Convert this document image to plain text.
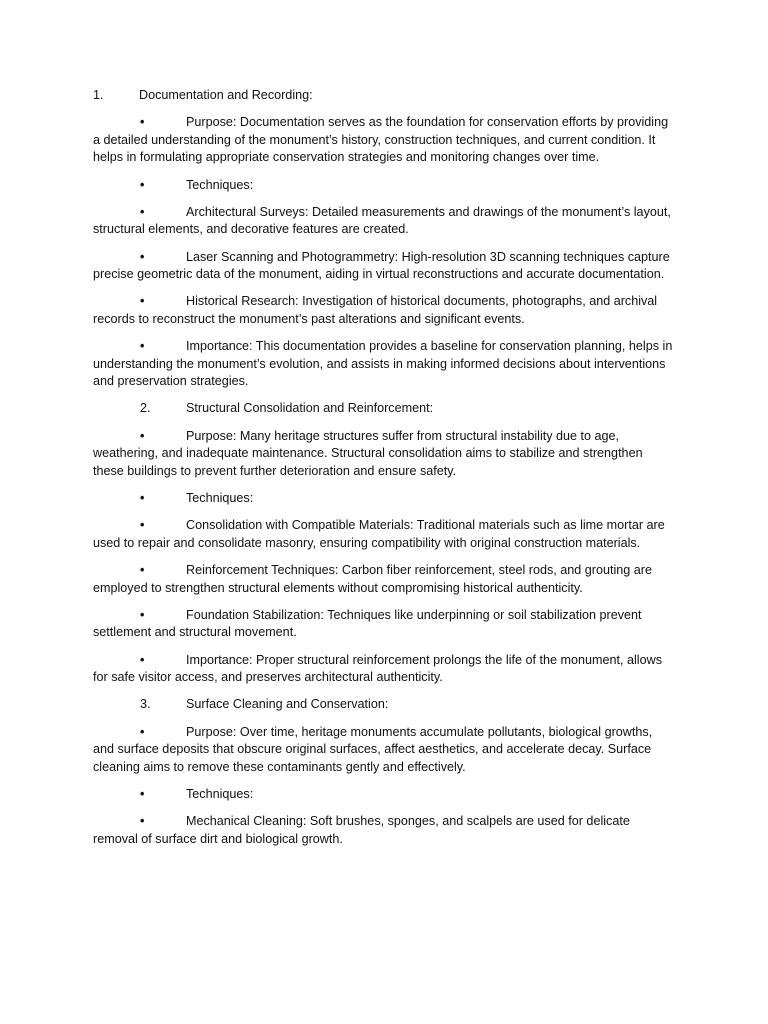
1.	Documentation and Recording:

•	Purpose: Documentation serves as the foundation for conservation efforts by providing a detailed understanding of the monument’s history, construction techniques, and current condition. It helps in formulating appropriate conservation strategies and monitoring changes over time.

•	Techniques:

•	Architectural Surveys: Detailed measurements and drawings of the monument’s layout, structural elements, and decorative features are created.

•	Laser Scanning and Photogrammetry: High-resolution 3D scanning techniques capture precise geometric data of the monument, aiding in virtual reconstructions and accurate documentation.

•	Historical Research: Investigation of historical documents, photographs, and archival records to reconstruct the monument’s past alterations and significant events.

•	Importance: This documentation provides a baseline for conservation planning, helps in understanding the monument’s evolution, and assists in making informed decisions about interventions and preservation strategies.

2.	Structural Consolidation and Reinforcement:

•	Purpose: Many heritage structures suffer from structural instability due to age, weathering, and inadequate maintenance. Structural consolidation aims to stabilize and strengthen these buildings to prevent further deterioration and ensure safety.

•	Techniques:

•	Consolidation with Compatible Materials: Traditional materials such as lime mortar are used to repair and consolidate masonry, ensuring compatibility with original construction materials.

•	Reinforcement Techniques: Carbon fiber reinforcement, steel rods, and grouting are employed to strengthen structural elements without compromising historical authenticity.

•	Foundation Stabilization: Techniques like underpinning or soil stabilization prevent settlement and structural movement.

•	Importance: Proper structural reinforcement prolongs the life of the monument, allows for safe visitor access, and preserves architectural authenticity.

3.	Surface Cleaning and Conservation:

•	Purpose: Over time, heritage monuments accumulate pollutants, biological growths, and surface deposits that obscure original surfaces, affect aesthetics, and accelerate decay. Surface cleaning aims to remove these contaminants gently and effectively.

•	Techniques:

•	Mechanical Cleaning: Soft brushes, sponges, and scalpels are used for delicate removal of surface dirt and biological growth.
